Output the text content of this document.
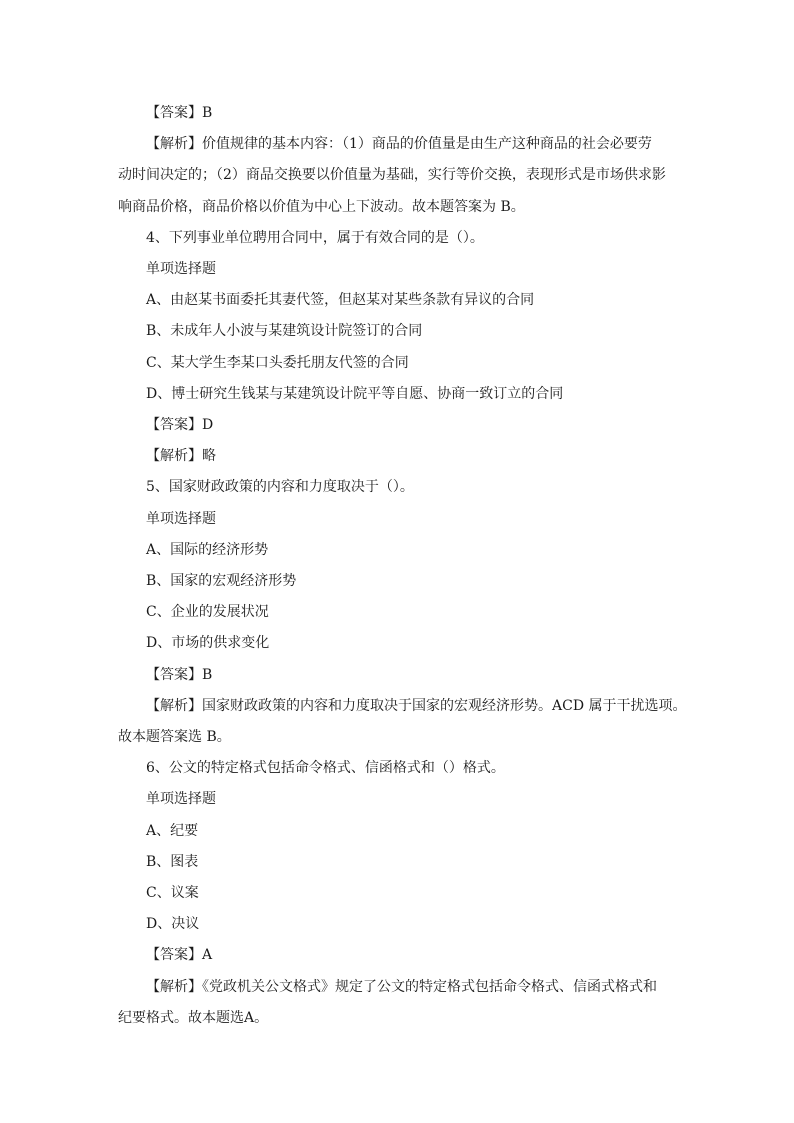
【答案】B
【解析】价值规律的基本内容：（1）商品的价值量是由生产这种商品的社会必要劳
动时间决定的；（2）商品交换要以价值量为基础，实行等价交换，表现形式是市场供求影
响商品价格，商品价格以价值为中心上下波动。故本题答案为 B。
4、下列事业单位聘用合同中，属于有效合同的是（）。
单项选择题
A、由赵某书面委托其妻代签，但赵某对某些条款有异议的合同
B、未成年人小波与某建筑设计院签订的合同
C、某大学生李某口头委托朋友代签的合同
D、博士研究生钱某与某建筑设计院平等自愿、协商一致订立的合同
【答案】D
【解析】略
5、国家财政政策的内容和力度取决于（）。
单项选择题
A、国际的经济形势
B、国家的宏观经济形势
C、企业的发展状况
D、市场的供求变化
【答案】B
【解析】国家财政政策的内容和力度取决于国家的宏观经济形势。ACD 属于干扰选项。
故本题答案选 B。
6、公文的特定格式包括命令格式、信函格式和（）格式。
单项选择题
A、纪要
B、图表
C、议案
D、决议
【答案】A
【解析】《党政机关公文格式》规定了公文的特定格式包括命令格式、信函式格式和
纪要格式。故本题选A。
